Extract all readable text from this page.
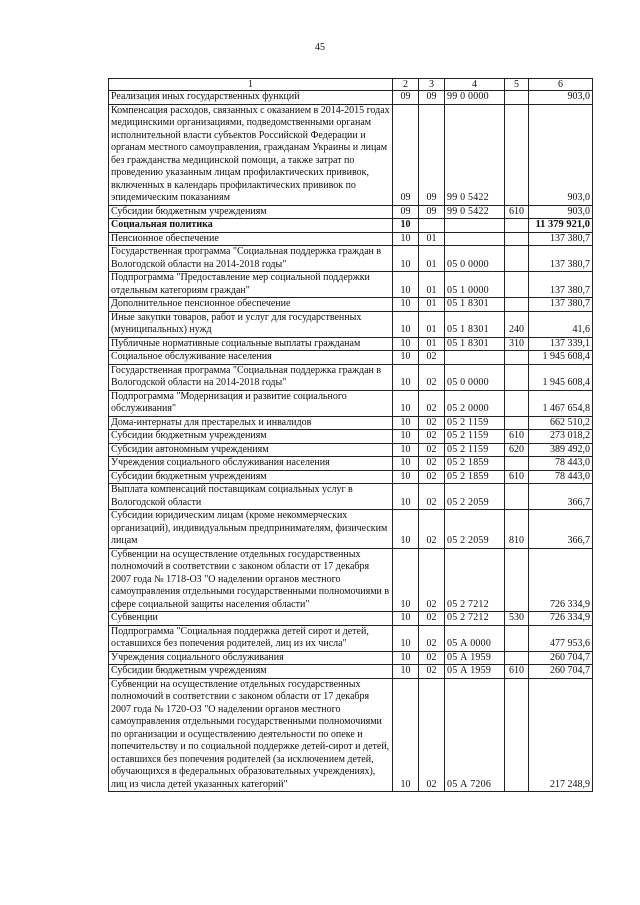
45
1	2	3	4	5	6
Реализация иных государственных функций	09	09	99 0 0000		903,0
Компенсация расходов, связанных с оказанием в 2014-2015 годах медицинскими организациями, подведомственными органам исполнительной власти субъектов Российской Федерации и органам местного самоуправления, гражданам Украины и лицам без гражданства медицинской помощи, а также затрат по проведению указанным лицам профилактических прививок, включенных в календарь профилактических прививок по эпидемическим показаниям	09	09	99 0 5422		903,0
Субсидии бюджетным учреждениям	09	09	99 0 5422	610	903,0
Социальная политика	10				11 379 921,0
Пенсионное обеспечение	10	01			137 380,7
Государственная программа "Социальная поддержка граждан в Вологодской области на 2014-2018 годы"	10	01	05 0 0000		137 380,7
Подпрограмма "Предоставление мер социальной поддержки отдельным категориям граждан"	10	01	05 1 0000		137 380,7
Дополнительное пенсионное обеспечение	10	01	05 1 8301		137 380,7
Иные закупки товаров, работ и услуг для государственных (муниципальных) нужд	10	01	05 1 8301	240	41,6
Публичные нормативные социальные выплаты гражданам	10	01	05 1 8301	310	137 339,1
Социальное обслуживание населения	10	02			1 945 608,4
Государственная программа "Социальная поддержка граждан в Вологодской области на 2014-2018 годы"	10	02	05 0 0000		1 945 608,4
Подпрограмма "Модернизация и развитие социального обслуживания"	10	02	05 2 0000		1 467 654,8
Дома-интернаты для престарелых и инвалидов	10	02	05 2 1159		662 510,2
Субсидии бюджетным учреждениям	10	02	05 2 1159	610	273 018,2
Субсидии автономным учреждениям	10	02	05 2 1159	620	389 492,0
Учреждения социального обслуживания населения	10	02	05 2 1859		78 443,0
Субсидии бюджетным учреждениям	10	02	05 2 1859	610	78 443,0
Выплата компенсаций поставщикам социальных услуг в Вологодской области	10	02	05 2 2059		366,7
Субсидии юридическим лицам (кроме некоммерческих организаций), индивидуальным предпринимателям, физическим лицам	10	02	05 2 2059	810	366,7
Субвенции на осуществление отдельных государственных полномочий в соответствии с законом области от 17 декабря 2007 года № 1718-ОЗ "О наделении органов местного самоуправления отдельными государственными полномочиями в сфере социальной защиты населения области"	10	02	05 2 7212		726 334,9
Субвенции	10	02	05 2 7212	530	726 334,9
Подпрограмма "Социальная поддержка детей сирот и детей, оставшихся без попечения родителей, лиц из их числа"	10	02	05 А 0000		477 953,6
Учреждения социального обслуживания	10	02	05 А 1959		260 704,7
Субсидии бюджетным учреждениям	10	02	05 А 1959	610	260 704,7
Субвенции на осуществление отдельных государственных полномочий в соответствии с законом области от 17 декабря 2007 года № 1720-ОЗ "О наделении органов местного самоуправления отдельными государственными полномочиями по организации и осуществлению деятельности по опеке и попечительству и по социальной поддержке детей-сирот и детей, оставшихся без попечения родителей (за исключением детей, обучающихся в федеральных образовательных учреждениях), лиц из числа детей указанных категорий"	10	02	05 А 7206		217 248,9
